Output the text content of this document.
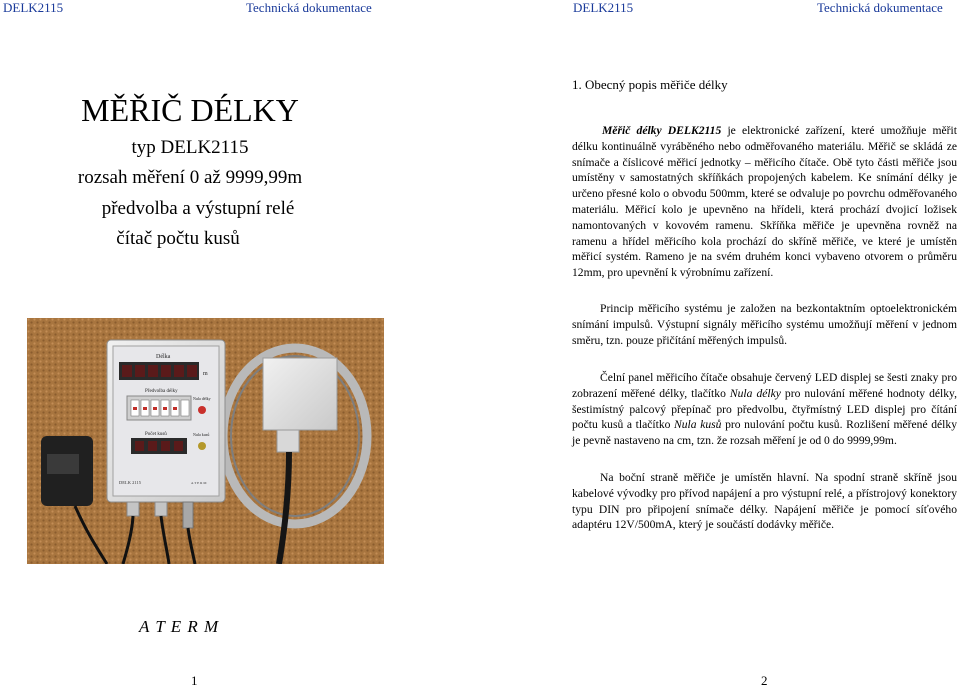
DELK2115	Technická dokumentace	DELK2115	Technická dokumentace
MĚŘIČ DÉLKY
typ DELK2115
rozsah měření 0 až 9999,99m
předvolba a výstupní relé
čítač počtu kusů
Délka
m
Předvolba délky
Nula délky
Počet kusů	Nula kusů
DELK 2115	A T E R M
A T E R M
1
1. Obecný popis měřiče délky
Měřič délky DELK2115 je elektronické zařízení, které umožňuje měřit délku kontinuálně vyráběného nebo odměřovaného materiálu. Měřič se skládá ze snímače a číslicové měřicí jednotky – měřicího čítače. Obě tyto části měřiče jsou umístěny v samostatných skříňkách propojených kabelem. Ke snímání délky je určeno přesné kolo o obvodu 500mm, které se odvaluje po povrchu odměřovaného materiálu. Měřicí kolo je upevněno na hřídeli, která prochází dvojicí ložisek namontovaných v kovovém ramenu. Skříňka měřiče je upevněna rovněž na ramenu a hřídel měřicího kola prochází do skříně měřiče, ve které je umístěn měřicí systém. Rameno je na svém druhém konci vybaveno otvorem o průměru 12mm, pro upevnění k výrobnímu zařízení.
Princip měřicího systému je založen na bezkontaktním optoelektronickém snímání impulsů. Výstupní signály měřicího systému umožňují měření v jednom směru, tzn. pouze přičítání měřených impulsů.
Čelní panel měřicího čítače obsahuje červený LED displej se šesti znaky pro zobrazení měřené délky, tlačítko Nula délky pro nulování měřené hodnoty délky, šestimístný palcový přepínač pro předvolbu, čtyřmístný LED displej pro čítání počtu kusů a tlačítko Nula kusů pro nulování počtu kusů. Rozlišení měřené délky je pevně nastaveno na cm, tzn. že rozsah měření je od 0 do 9999,99m.
Na boční straně měřiče je umístěn hlavní. Na spodní straně skříně jsou kabelové vývodky pro přívod napájení a pro výstupní relé, a přístrojový konektory typu DIN pro připojení snímače délky. Napájení měřiče je pomocí síťového adaptéru 12V/500mA, který je součástí dodávky měřiče.
2
